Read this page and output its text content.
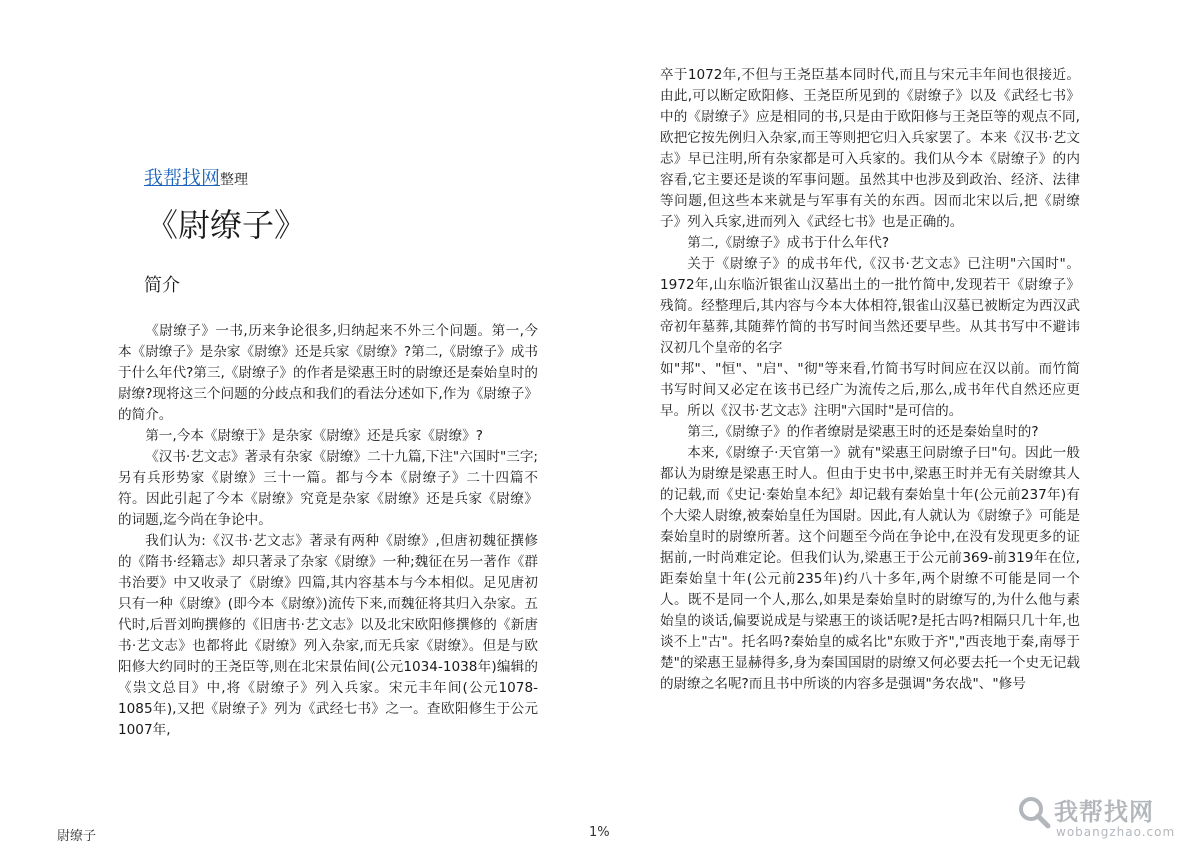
我帮找网整理
《尉缭子》
简介

《尉缭子》一书,历来争论很多,归纳起来不外三个问题。第一,今本《尉缭子》是杂家《尉缭》还是兵家《尉缭》?第二,《尉缭子》成书于什么年代?第三,《尉缭子》的作者是梁惠王时的尉缭还是秦始皇时的尉缭?现将这三个问题的分歧点和我们的看法分述如下,作为《尉缭子》的简介。

第一,今本《尉缭于》是杂家《尉缭》还是兵家《尉缭》?

《汉书·艺文志》著录有杂家《尉缭》二十九篇,下注"六国时"三字;另有兵形势家《尉缭》三十一篇。都与今本《尉缭子》二十四篇不符。因此引起了今本《尉缭》究竟是杂家《尉缭》还是兵家《尉缭》的词题,迄今尚在争论中。

我们认为:《汉书·艺文志》著录有两种《尉缭》,但唐初魏征撰修的《隋书·经籍志》却只著录了杂家《尉缭》一种;魏征在另一著作《群书治要》中又收录了《尉缭》四篇,其内容基本与今本相似。足见唐初只有一种《尉缭》(即今本《尉缭》)流传下来,而魏征将其归入杂家。五代时,后晋刘昫撰修的《旧唐书·艺文志》以及北宋欧阳修撰修的《新唐书·艺文志》也都将此《尉缭》列入杂家,而无兵家《尉缭》。但是与欧阳修大约同时的王尧臣等,则在北宋景佑间(公元1034-1038年)编辑的《祟文总目》中,将《尉缭子》列入兵家。宋元丰年间(公元1078-1085年),又把《尉缭子》列为《武经七书》之一。查欧阳修生于公元1007年,

卒于1072年,不但与王尧臣基本同时代,而且与宋元丰年间也很接近。由此,可以断定欧阳修、王尧臣所见到的《尉缭子》以及《武经七书》中的《尉缭子》应是相同的书,只是由于欧阳修与王尧臣等的观点不同,欧把它按先例归入杂家,而王等则把它归入兵家罢了。本来《汉书·艺文志》早已注明,所有杂家都是可入兵家的。我们从今本《尉缭子》的内容看,它主要还是谈的军事问题。虽然其中也涉及到政治、经济、法律等问题,但这些本来就是与军事有关的东西。因而北宋以后,把《尉缭子》列入兵家,进而列入《武经七书》也是正确的。

第二,《尉缭子》成书于什么年代?

关于《尉缭子》的成书年代,《汉书·艺文志》已注明"六国时"。1972年,山东临沂银雀山汉墓出土的一批竹简中,发现若干《尉缭子》残简。经整理后,其内容与今本大体相符,银雀山汉墓已被断定为西汉武帝初年墓葬,其随葬竹简的书写时间当然还要早些。从其书写中不避讳汉初几个皇帝的名字

如"邦"、"恒"、"启"、"彻"等来看,竹简书写时间应在汉以前。而竹简书写时间又必定在该书已经广为流传之后,那么,成书年代自然还应更早。所以《汉书·艺文志》注明"六国时"是可信的。

第三,《尉缭子》的作者缭尉是梁惠王时的还是秦始皇时的?

本来,《尉缭子·天官第一》就有"梁惠王问尉缭子曰"句。因此一般都认为尉缭是梁惠王时人。但由于史书中,梁惠王时并无有关尉缭其人的记载,而《史记·秦始皇本纪》却记载有秦始皇十年(公元前237年)有个大梁人尉缭,被秦始皇任为国尉。因此,有人就认为《尉缭子》可能是秦始皇时的尉缭所著。这个问题至今尚在争论中,在没有发现更多的证据前,一时尚难定论。但我们认为,梁惠王于公元前369-前319年在位,距秦始皇十年(公元前235年)约八十多年,两个尉缭不可能是同一个人。既不是同一个人,那么,如果是秦始皇时的尉缭写的,为什么他与素始皇的谈话,偏要说成是与梁惠王的谈话呢?是托古吗?相隔只几十年,也谈不上"古"。托名吗?秦始皇的威名比"东败于齐","西丧地于秦,南辱于楚"的梁惠王显赫得多,身为秦国国尉的尉缭又何必要去托一个史无记载的尉缭之名呢?而且书中所谈的内容多是强调"务农战"、"修号

尉缭子	1%
我帮找网
wobangzhao.com
